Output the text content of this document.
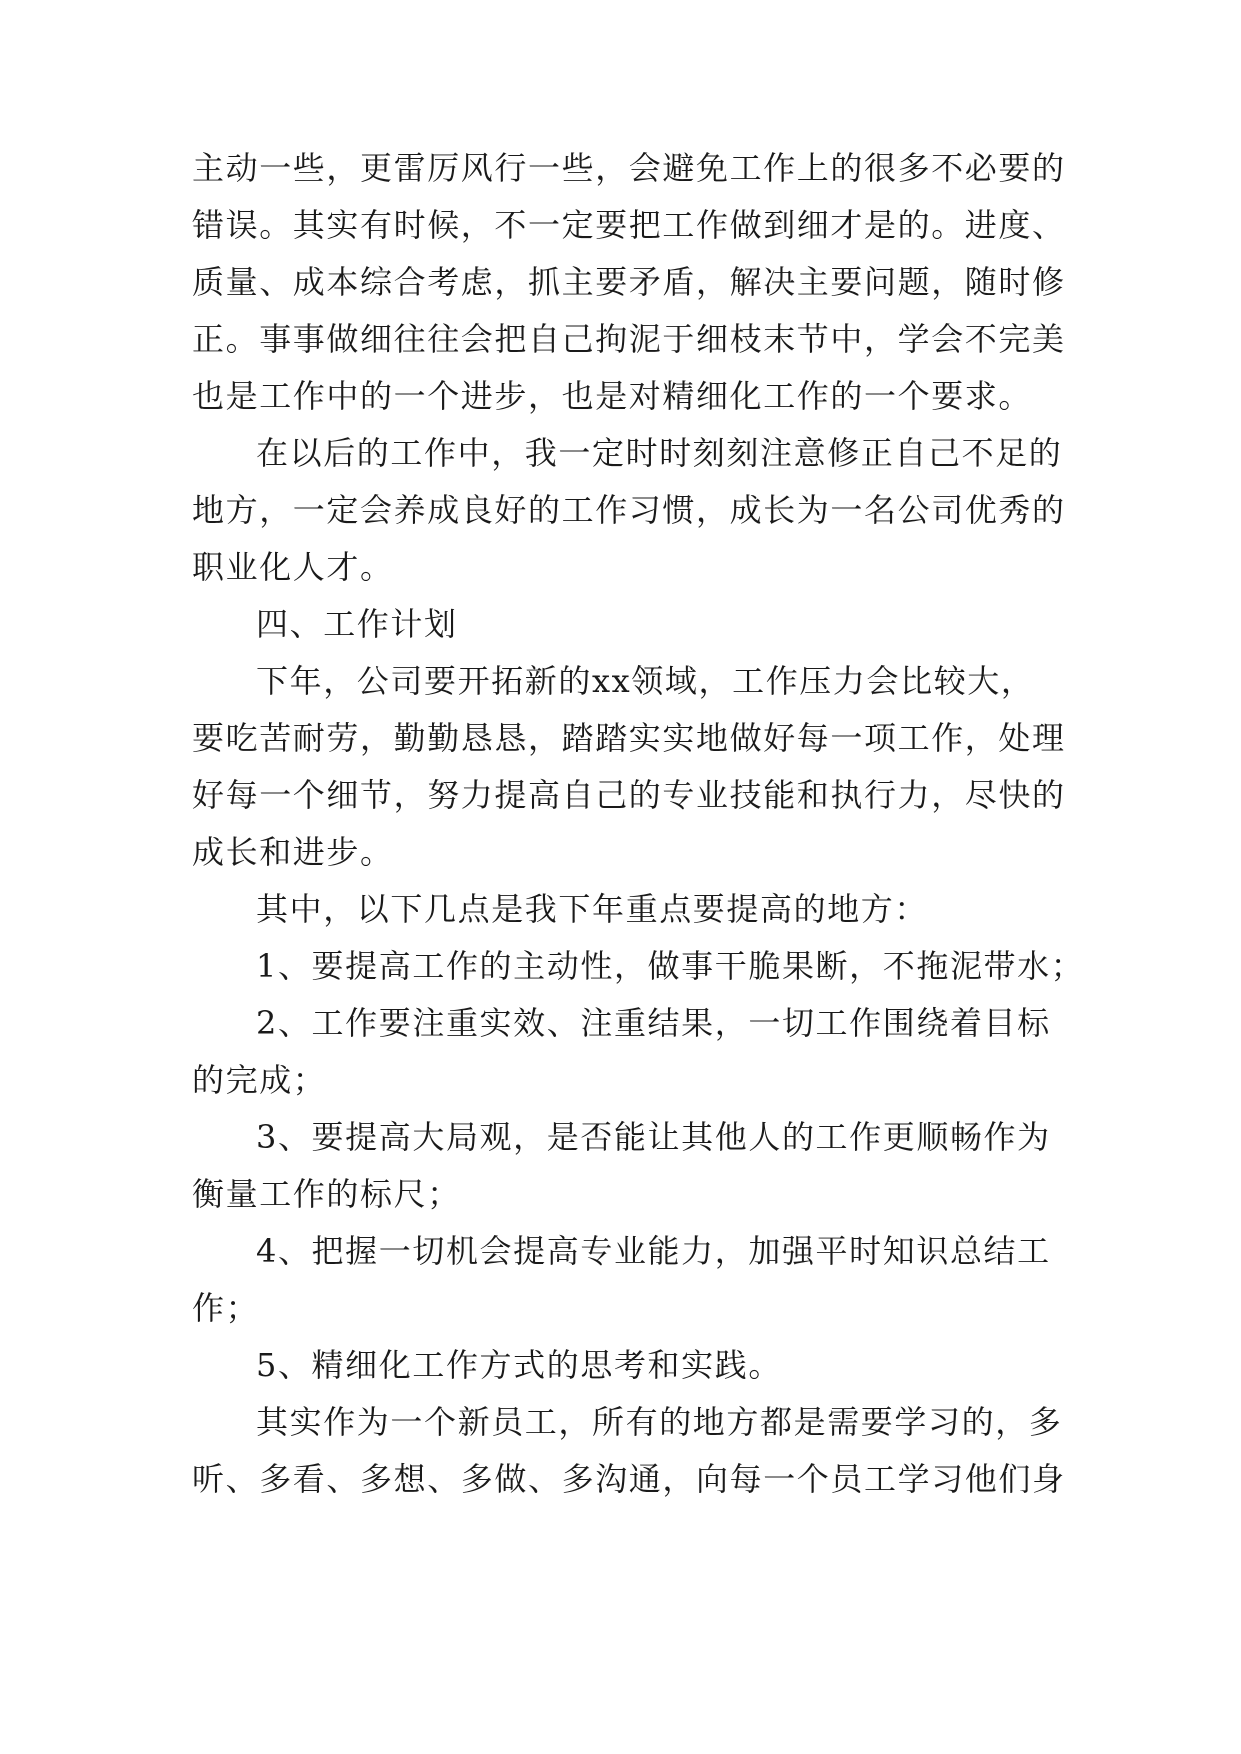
主动一些，更雷厉风行一些，会避免工作上的很多不必要的
错误。其实有时候，不一定要把工作做到细才是的。进度、
质量、成本综合考虑，抓主要矛盾，解决主要问题，随时修
正。事事做细往往会把自己拘泥于细枝末节中，学会不完美
也是工作中的一个进步，也是对精细化工作的一个要求。
在以后的工作中，我一定时时刻刻注意修正自己不足的
地方，一定会养成良好的工作习惯，成长为一名公司优秀的
职业化人才。
四、工作计划
下年，公司要开拓新的xx领域，工作压力会比较大，
要吃苦耐劳，勤勤恳恳，踏踏实实地做好每一项工作，处理
好每一个细节，努力提高自己的专业技能和执行力，尽快的
成长和进步。
其中，以下几点是我下年重点要提高的地方：
1、要提高工作的主动性，做事干脆果断，不拖泥带水；
2、工作要注重实效、注重结果，一切工作围绕着目标
的完成；
3、要提高大局观，是否能让其他人的工作更顺畅作为
衡量工作的标尺；
4、把握一切机会提高专业能力，加强平时知识总结工
作；
5、精细化工作方式的思考和实践。
其实作为一个新员工，所有的地方都是需要学习的，多
听、多看、多想、多做、多沟通，向每一个员工学习他们身
